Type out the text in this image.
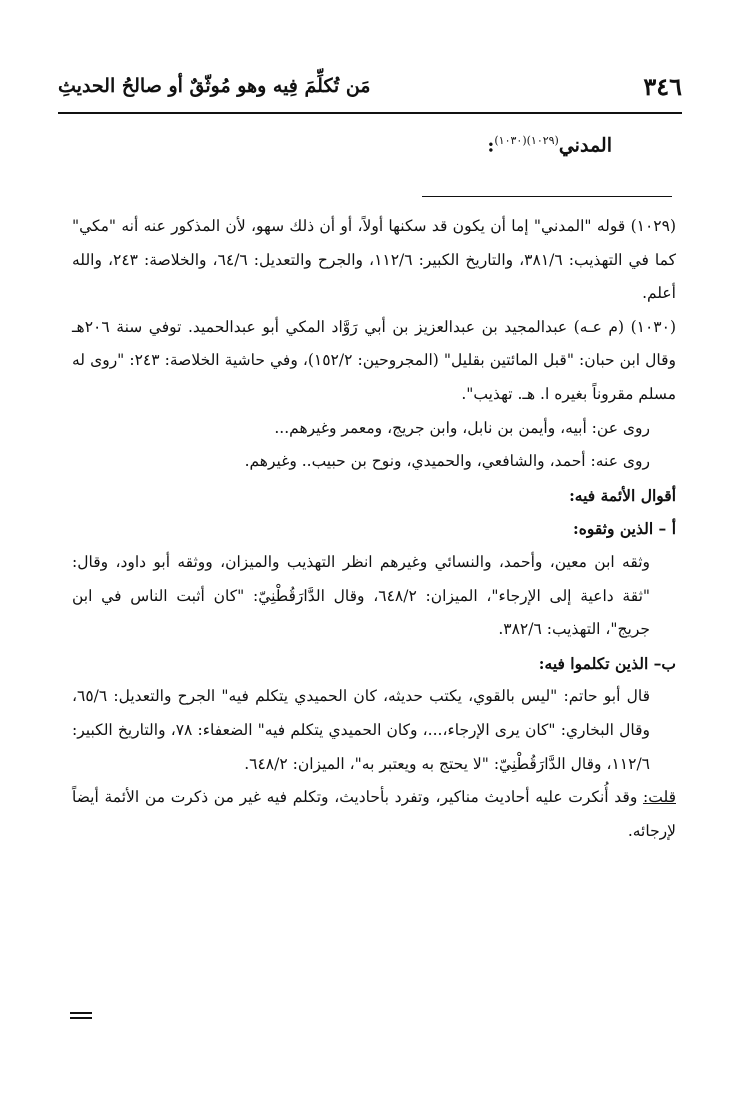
٣٤٦
مَن تُكلِّمَ فِيه وهو مُوثّقٌ أو صالحُ الحديثِ
المدني$^{(١٠٢٩)(١٠٣٠)}$:

(١٠٢٩) قوله "المدني" إما أن يكون قد سكنها أولاً، أو أن ذلك سهو، لأن المذكور عنه أنه "مكي" كما في التهذيب: ٣٨١/٦، والتاريخ الكبير: ١١٢/٦، والجرح والتعديل: ٦٤/٦، والخلاصة: ٢٤٣، والله أعلم.

(١٠٣٠) (م عـه) عبدالمجيد بن عبدالعزيز بن أبي رَوَّاد المكي أبو عبدالحميد. توفي سنة ٢٠٦هـ وقال ابن حبان: "قبل المائتين بقليل" (المجروحين: ١٥٢/٢)، وفي حاشية الخلاصة: ٢٤٣: "روى له مسلم مقروناً بغيره ا. هـ. تهذيب".

روى عن: أبيه، وأيمن بن نابل، وابن جريج، ومعمر وغيرهم...

روى عنه: أحمد، والشافعي، والحميدي، ونوح بن حبيب.. وغيرهم.

أقوال الأئمة فيه:

أ – الذين وثقوه:

وثقه ابن معين، وأحمد، والنسائي وغيرهم انظر التهذيب والميزان، ووثقه أبو داود، وقال: "ثقة داعية إلى الإرجاء"، الميزان: ٦٤٨/٢، وقال الدَّارَقُطْنِيّ: "كان أثبت الناس في ابن جريج"، التهذيب: ٣٨٢/٦.

ب– الذين تكلموا فيه:

قال أبو حاتم: "ليس بالقوي، يكتب حديثه، كان الحميدي يتكلم فيه" الجرح والتعديل: ٦٥/٦، وقال البخاري: "كان يرى الإرجاء،...، وكان الحميدي يتكلم فيه" الضعفاء: ٧٨، والتاريخ الكبير: ١١٢/٦، وقال الدَّارَقُطْنِيّ: "لا يحتج به ويعتبر به"، الميزان: ٦٤٨/٢.

قلت: وقد أُنكرت عليه أحاديث مناكير، وتفرد بأحاديث، وتكلم فيه غير من ذكرت من الأئمة أيضاً لإرجائه.
